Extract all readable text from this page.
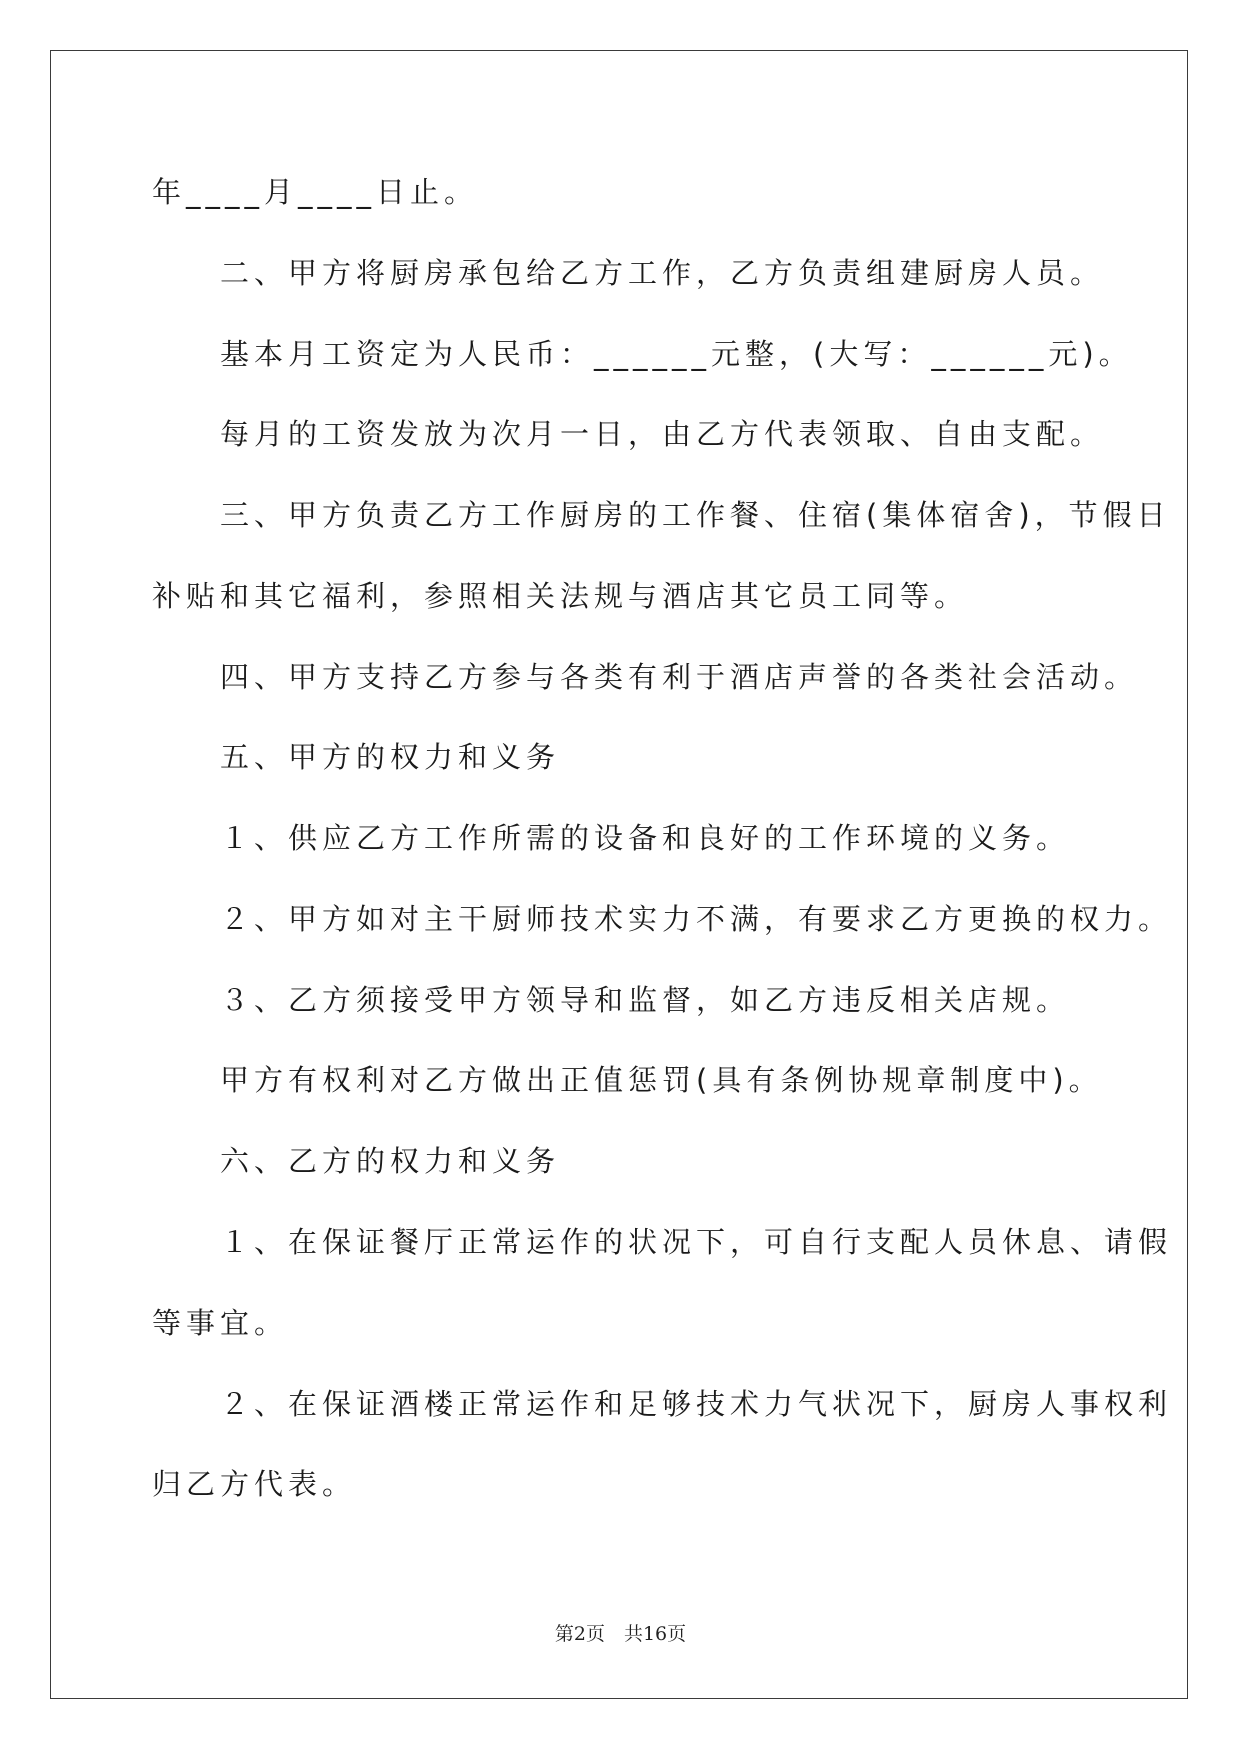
年____月____日止。
　　二、甲方将厨房承包给乙方工作，乙方负责组建厨房人员。
　　基本月工资定为人民币：______元整，(大写：______元)。
　　每月的工资发放为次月一日，由乙方代表领取、自由支配。
　　三、甲方负责乙方工作厨房的工作餐、住宿(集体宿舍)，节假日
补贴和其它福利，参照相关法规与酒店其它员工同等。
　　四、甲方支持乙方参与各类有利于酒店声誉的各类社会活动。
　　五、甲方的权力和义务
　　１、供应乙方工作所需的设备和良好的工作环境的义务。
　　２、甲方如对主干厨师技术实力不满，有要求乙方更换的权力。
　　３、乙方须接受甲方领导和监督，如乙方违反相关店规。
　　甲方有权利对乙方做出正值惩罚(具有条例协规章制度中)。
　　六、乙方的权力和义务
　　１、在保证餐厅正常运作的状况下，可自行支配人员休息、请假
等事宜。
　　２、在保证酒楼正常运作和足够技术力气状况下，厨房人事权利
归乙方代表。
第2页　共16页
